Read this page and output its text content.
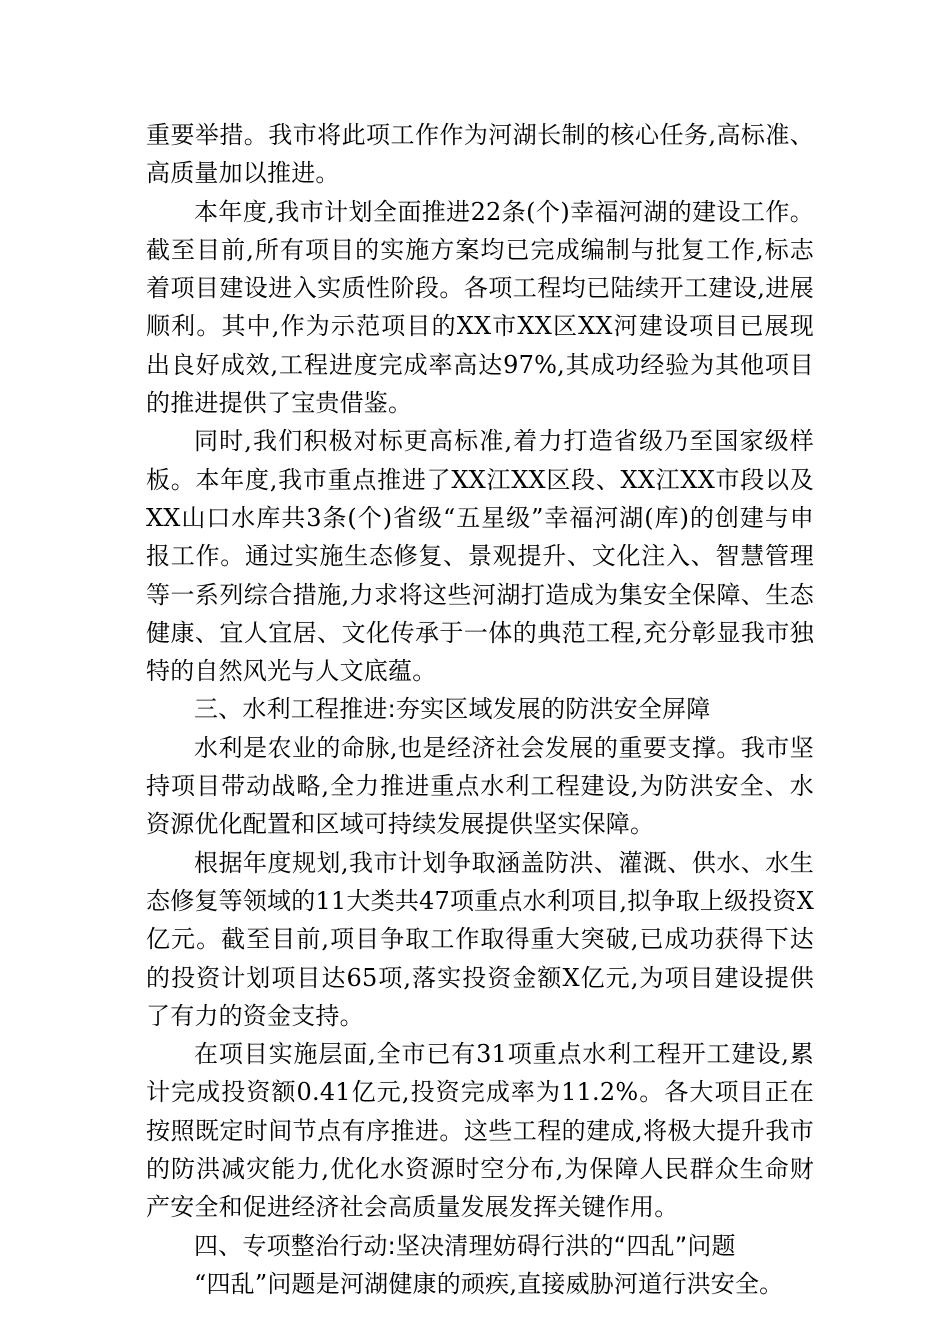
重要举措。我市将此项工作作为河湖长制的核心任务,高标准、高质量加以推进。

本年度,我市计划全面推进22条(个)幸福河湖的建设工作。截至目前,所有项目的实施方案均已完成编制与批复工作,标志着项目建设进入实质性阶段。各项工程均已陆续开工建设,进展顺利。其中,作为示范项目的XX市XX区XX河建设项目已展现出良好成效,工程进度完成率高达97%,其成功经验为其他项目的推进提供了宝贵借鉴。

同时,我们积极对标更高标准,着力打造省级乃至国家级样板。本年度,我市重点推进了XX江XX区段、XX江XX市段以及XX山口水库共3条(个)省级“五星级”幸福河湖(库)的创建与申报工作。通过实施生态修复、景观提升、文化注入、智慧管理等一系列综合措施,力求将这些河湖打造成为集安全保障、生态健康、宜人宜居、文化传承于一体的典范工程,充分彰显我市独特的自然风光与人文底蕴。

三、水利工程推进:夯实区域发展的防洪安全屏障

水利是农业的命脉,也是经济社会发展的重要支撑。我市坚持项目带动战略,全力推进重点水利工程建设,为防洪安全、水资源优化配置和区域可持续发展提供坚实保障。

根据年度规划,我市计划争取涵盖防洪、灌溉、供水、水生态修复等领域的11大类共47项重点水利项目,拟争取上级投资X亿元。截至目前,项目争取工作取得重大突破,已成功获得下达的投资计划项目达65项,落实投资金额X亿元,为项目建设提供了有力的资金支持。

在项目实施层面,全市已有31项重点水利工程开工建设,累计完成投资额0.41亿元,投资完成率为11.2%。各大项目正在按照既定时间节点有序推进。这些工程的建成,将极大提升我市的防洪减灾能力,优化水资源时空分布,为保障人民群众生命财产安全和促进经济社会高质量发展发挥关键作用。

四、专项整治行动:坚决清理妨碍行洪的“四乱”问题

“四乱”问题是河湖健康的顽疾,直接威胁河道行洪安全。
